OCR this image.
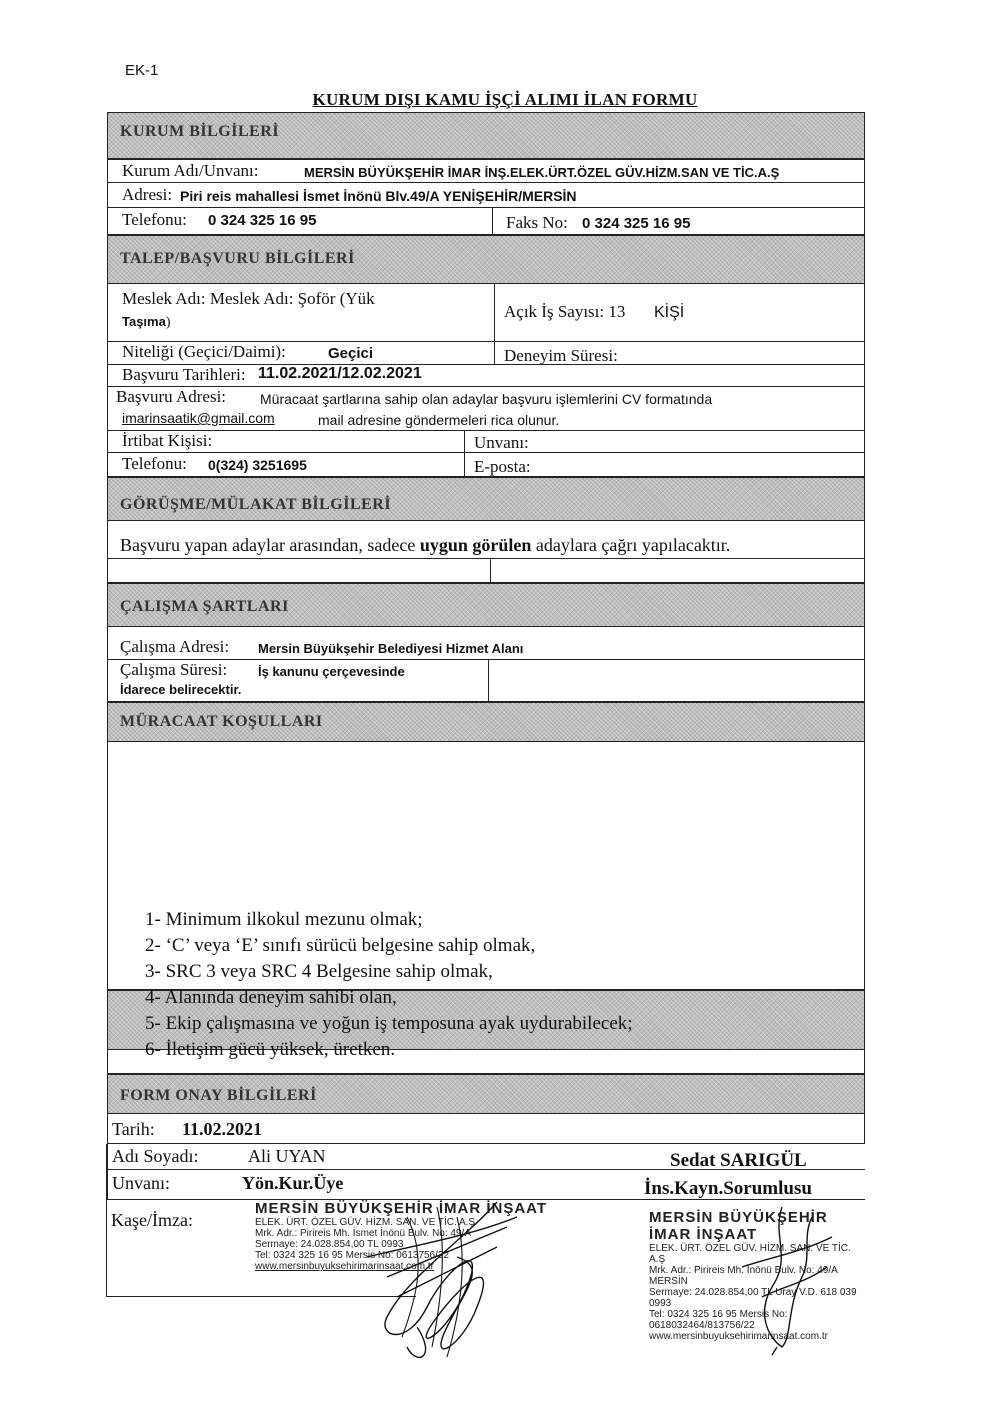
EK-1
KURUM DIŞI KAMU İŞÇİ ALIMI İLAN FORMU
KURUM BİLGİLERİ
Kurum Adı/Unvanı:	MERSİN BÜYÜKŞEHİR İMAR İNŞ.ELEK.ÜRT.ÖZEL GÜV.HİZM.SAN VE TİC.A.Ş
Adresi: Piri reis mahallesi İsmet İnönü Blv.49/A YENİŞEHİR/MERSİN
Telefonu: 0 324 325 16 95	Faks No: 0 324 325 16 95
TALEP/BAŞVURU BİLGİLERİ
Meslek Adı: Meslek Adı: Şoför (Yük
Taşıma)
Açık İş Sayısı: 13 KİŞİ
Niteliği (Geçici/Daimi):	Geçici	Deneyim Süresi:
Başvuru Tarihleri: 11.02.2021/12.02.2021
Başvuru Adresi: Müracaat şartlarına sahip olan adaylar başvuru işlemlerini CV formatında
imarinsaatik@gmail.com	mail adresine göndermeleri rica olunur.
İrtibat Kişisi:	Unvanı:
Telefonu: 0(324) 3251695	E-posta:
GÖRÜŞME/MÜLAKAT BİLGİLERİ
Başvuru yapan adaylar arasından, sadece uygun görülen adaylara çağrı yapılacaktır.
ÇALIŞMA ŞARTLARI
Çalışma Adresi: Mersin Büyükşehir Belediyesi Hizmet Alanı
Çalışma Süresi: İş kanunu çerçevesinde
İdarece belirecektir.
MÜRACAAT KOŞULLARI
FORM ONAY BİLGİLERİ
Tarih: 11.02.2021
Adı Soyadı:	Ali UYAN	Sedat SARIGÜL
Unvanı:	Yön.Kur.Üye	İns.Kayn.Sorumlusu
Kaşe/İmza:
1- Minimum ilkokul mezunu olmak;
2- ‘C’ veya ‘E’ sınıfı sürücü belgesine sahip olmak,
3- SRC 3 veya SRC 4 Belgesine sahip olmak,
4- Alanında deneyim sahibi olan,
5- Ekip çalışmasına ve yoğun iş temposuna ayak uydurabilecek;
6- İletişim gücü yüksek, üretken.
MERSİN BÜYÜKŞEHİR İMAR İNŞAAT
ELEK. ÜRT. ÖZEL GÜV. HİZM. SAN. VE TİC. A.Ş
Mrk. Adr.: Pirireis Mh. İsmet İnönü Bulv. No: 49/A
Sermaye: 24.028.854,00 TL 0993
Tel: 0324 325 16 95 Mersis No: 0613756/22
www.mersinbuyuksehirimarinsaat.com.tr
MERSİN BÜYÜKŞEHİR İMAR İNŞAAT
ELEK. ÜRT. ÖZEL GÜV. HİZM. SAN. VE TİC. A.Ş
Mrk. Adr.: Pirireis Mh. İnönü Bulv. No: 49/A MERSİN
Sermaye: 24.028.854,00 TL Uray V.D. 618 039 0993
Tel: 0324 325 16 95 Mersis No: 0618032464/813756/22
www.mersinbuyuksehirimarinsaat.com.tr
